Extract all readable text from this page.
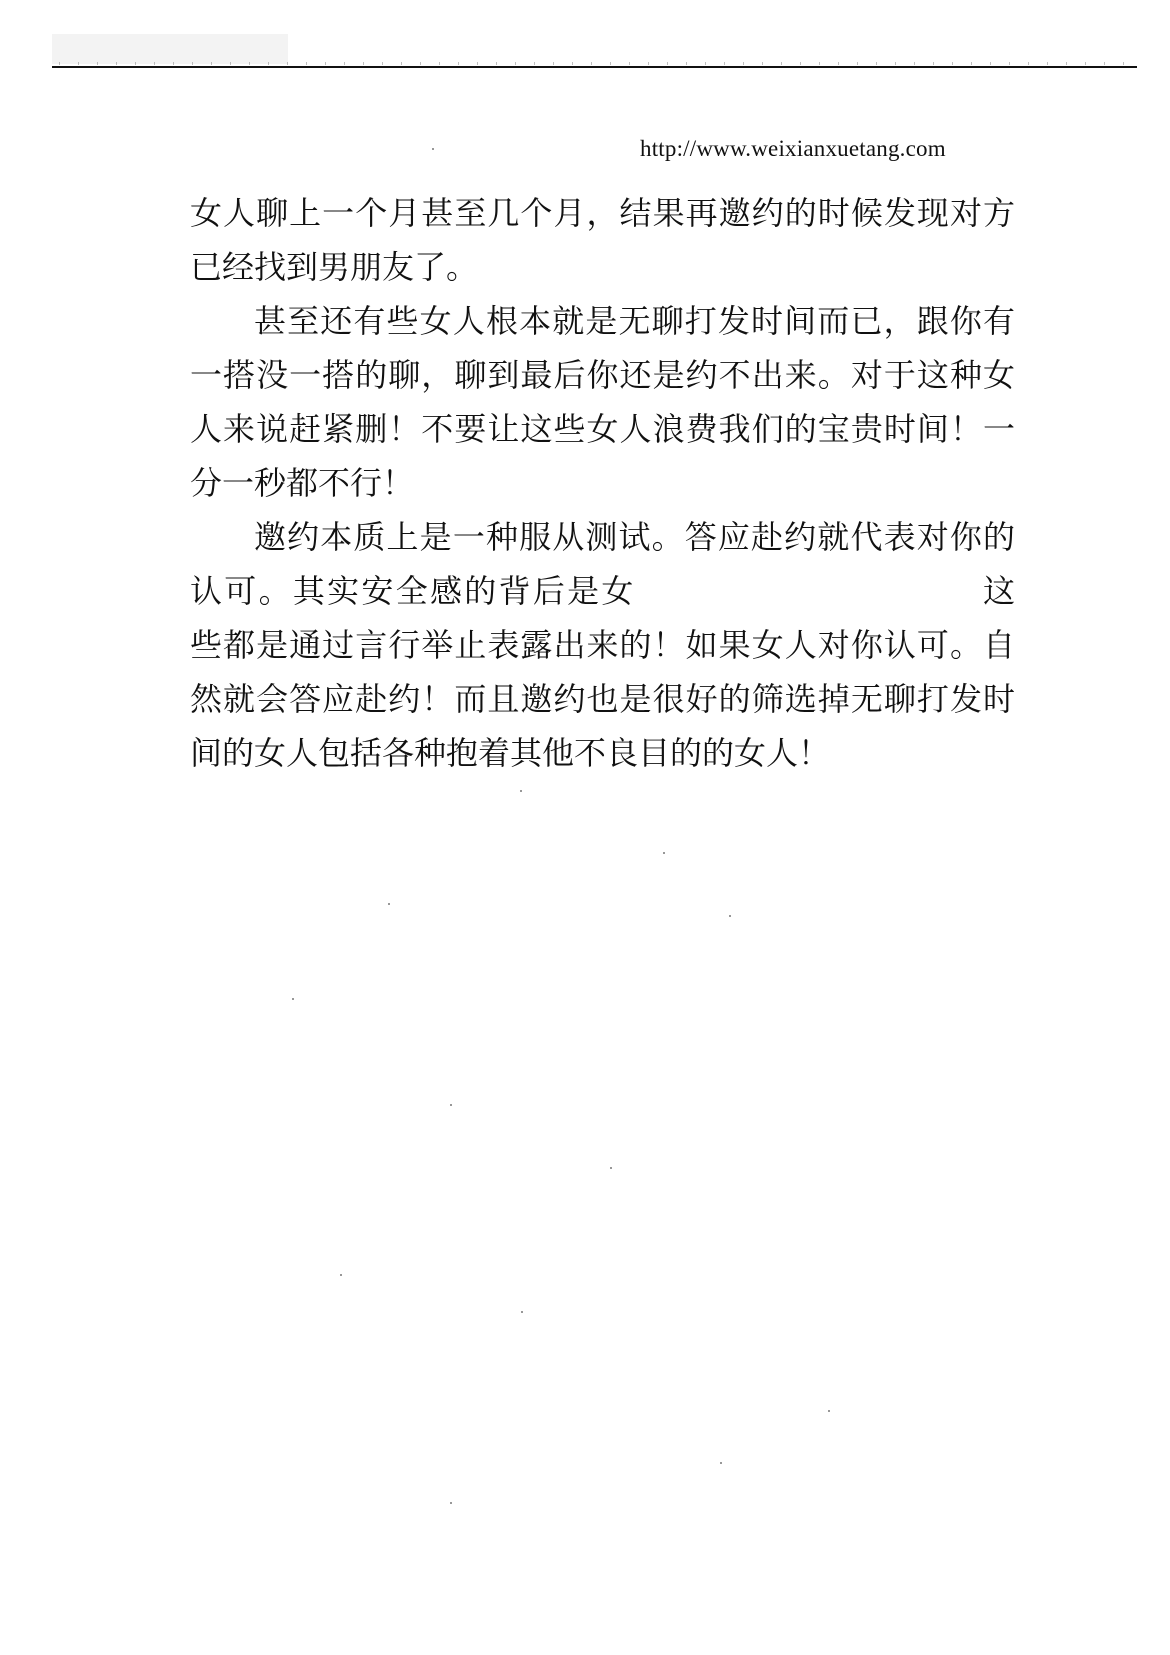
http://www.weixianxuetang.com

女人聊上一个月甚至几个月，结果再邀约的时候发现对方已经找到男朋友了。

甚至还有些女人根本就是无聊打发时间而已，跟你有一搭没一搭的聊，聊到最后你还是约不出来。对于这种女人来说赶紧删！不要让这些女人浪费我们的宝贵时间！一分一秒都不行！

邀约本质上是一种服从测试。答应赴约就代表对你的认可。其实安全感的背后是女	这些都是通过言行举止表露出来的！如果女人对你认可。自然就会答应赴约！而且邀约也是很好的筛选掉无聊打发时间的女人包括各种抱着其他不良目的的女人！
